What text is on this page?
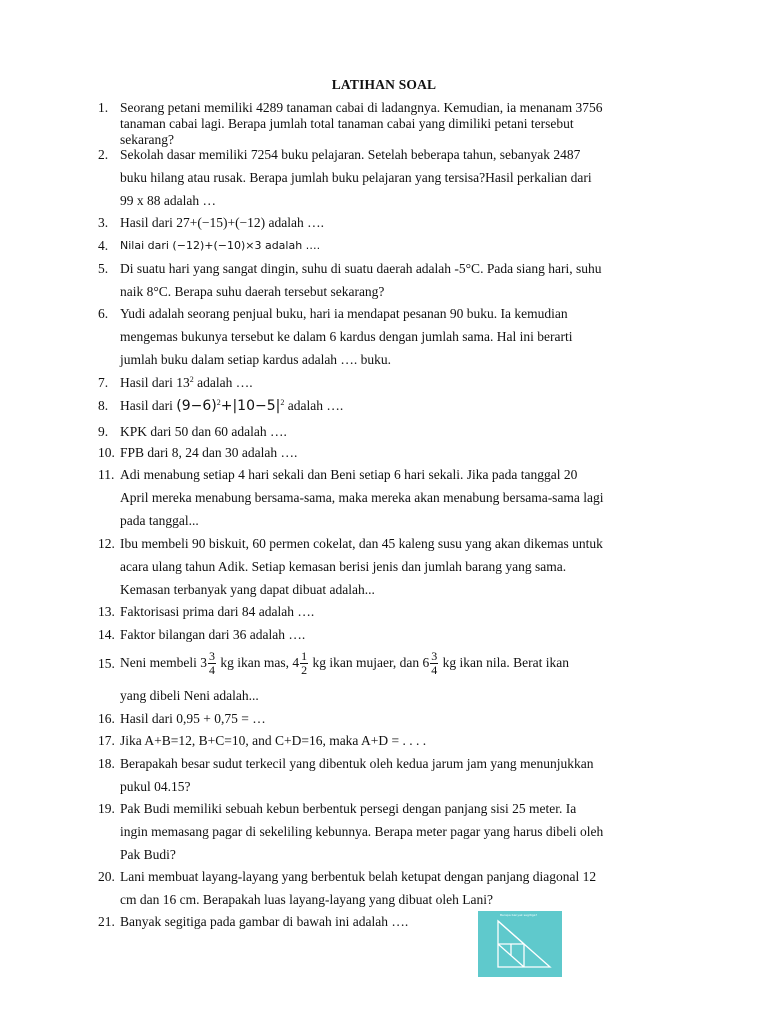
LATIHAN SOAL
1. Seorang petani memiliki 4289 tanaman cabai di ladangnya. Kemudian, ia menanam 3756
tanaman cabai lagi. Berapa jumlah total tanaman cabai yang dimiliki petani tersebut
sekarang?
2. Sekolah dasar memiliki 7254 buku pelajaran. Setelah beberapa tahun, sebanyak 2487
buku hilang atau rusak. Berapa jumlah buku pelajaran yang tersisa?Hasil perkalian dari
99 x 88 adalah …
3. Hasil dari 27+(−15)+(−12) adalah ….
4.	Nilai dari (−12)+(−10)×3 adalah ….
5. Di suatu hari yang sangat dingin, suhu di suatu daerah adalah -5°C. Pada siang hari, suhu
naik 8°C. Berapa suhu daerah tersebut sekarang?
6. Yudi adalah seorang penjual buku, hari ia mendapat pesanan 90 buku. Ia kemudian
mengemas bukunya tersebut ke dalam 6 kardus dengan jumlah sama. Hal ini berarti
jumlah buku dalam setiap kardus adalah …. buku.
7. Hasil dari $13^2$ adalah ….
8. Hasil dari $(9-6)^2+|10-5|^2$ adalah ….
9. KPK dari 50 dan 60 adalah ….
10. FPB dari 8, 24 dan 30 adalah ….
11. Adi menabung setiap 4 hari sekali dan Beni setiap 6 hari sekali. Jika pada tanggal 20
April mereka menabung bersama-sama, maka mereka akan menabung bersama-sama lagi
pada tanggal...
12. Ibu membeli 90 biskuit, 60 permen cokelat, dan 45 kaleng susu yang akan dikemas untuk
acara ulang tahun Adik. Setiap kemasan berisi jenis dan jumlah barang yang sama.
Kemasan terbanyak yang dapat dibuat adalah...
13. Faktorisasi prima dari 84 adalah ….
14. Faktor bilangan dari 36 adalah ….
15. Neni membeli $3 \frac{3}{4}$ kg ikan mas, $4 \frac{1}{2}$ kg ikan mujaer, dan $6 \frac{3}{4}$ kg ikan nila. Berat ikan
yang dibeli Neni adalah...
16. Hasil dari 0,95 + 0,75 = …
17. Jika A+B=12, B+C=10, and C+D=16, maka A+D = . . . .
18. Berapakah besar sudut terkecil yang dibentuk oleh kedua jarum jam yang menunjukkan
pukul 04.15?
19. Pak Budi memiliki sebuah kebun berbentuk persegi dengan panjang sisi 25 meter. Ia
ingin memasang pagar di sekeliling kebunnya. Berapa meter pagar yang harus dibeli oleh
Pak Budi?
20. Lani membuat layang-layang yang berbentuk belah ketupat dengan panjang diagonal 12
cm dan 16 cm. Berapakah luas layang-layang yang dibuat oleh Lani?
21. Banyak segitiga pada gambar di bawah ini adalah ….	Berapa banyak segitiga?
